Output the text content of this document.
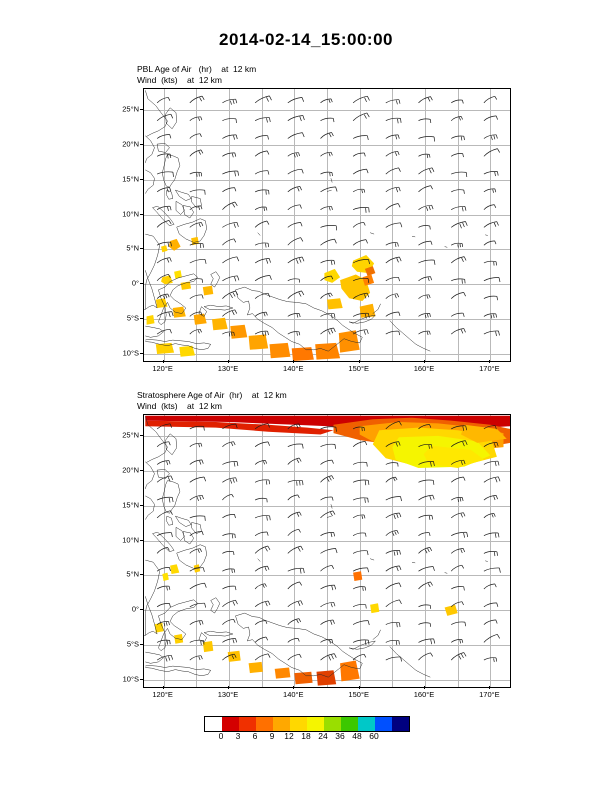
2014-02-14_15:00:00
PBL Age of Air   (hr)    at  12 km
Wind  (kts)    at  12 km
120°E	130°E	140°E	150°E	160°E	170°E
25°N
20°N
15°N
10°N
5°N
0°
5°S
10°S
Stratosphere Age of Air  (hr)    at  12 km
Wind  (kts)    at  12 km
120°E	130°E	140°E	150°E	160°E	170°E
25°N
20°N
15°N
10°N
5°N
0°
5°S
10°S
0 3 6 9 12 18 24 36 48 60
